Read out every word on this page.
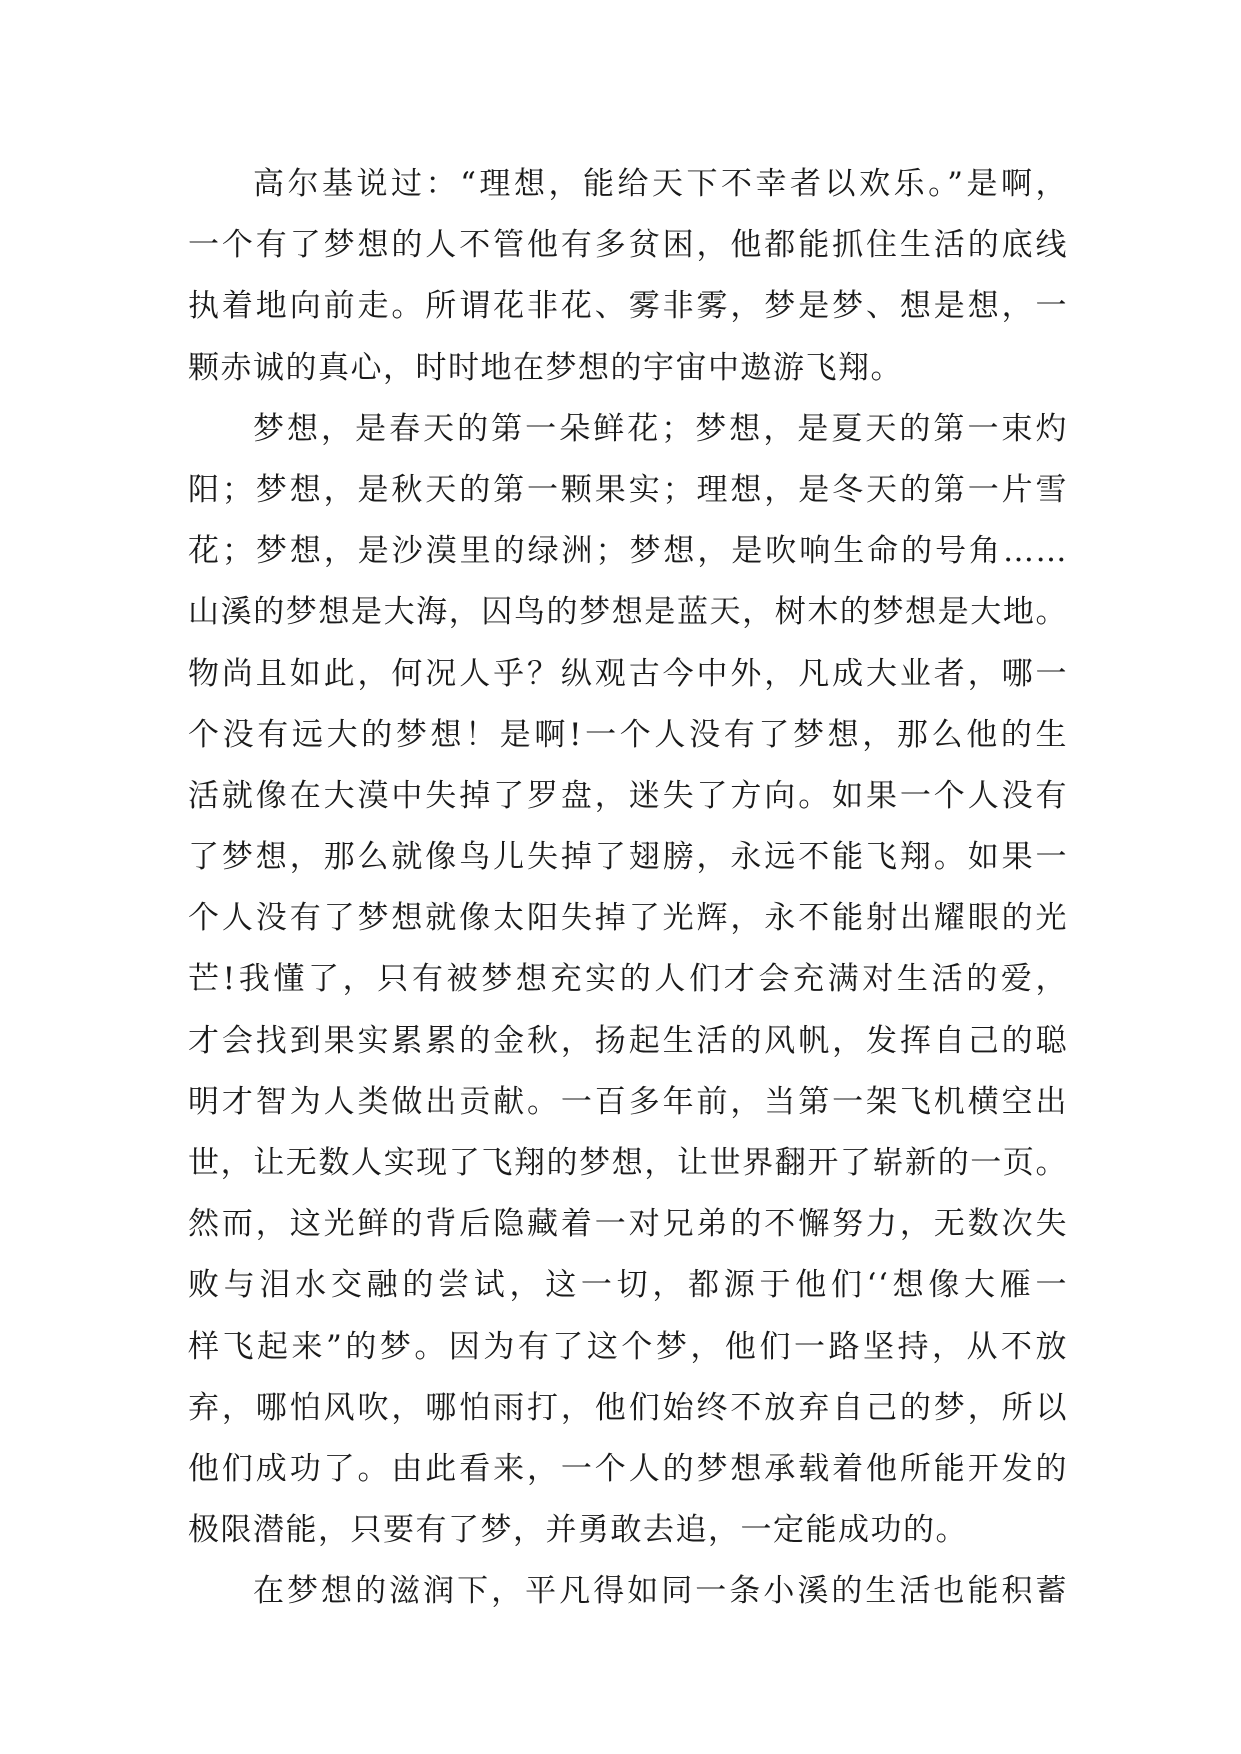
高尔基说过：“理想，能给天下不幸者以欢乐。”是啊，
一个有了梦想的人不管他有多贫困，他都能抓住生活的底线
执着地向前走。所谓花非花、雾非雾，梦是梦、想是想，一
颗赤诚的真心，时时地在梦想的宇宙中遨游飞翔。
梦想，是春天的第一朵鲜花；梦想，是夏天的第一束灼
阳；梦想，是秋天的第一颗果实；理想，是冬天的第一片雪
花；梦想，是沙漠里的绿洲；梦想，是吹响生命的号角……
山溪的梦想是大海，囚鸟的梦想是蓝天，树木的梦想是大地。
物尚且如此，何况人乎？纵观古今中外，凡成大业者，哪一
个没有远大的梦想！是啊!一个人没有了梦想，那么他的生
活就像在大漠中失掉了罗盘，迷失了方向。如果一个人没有
了梦想，那么就像鸟儿失掉了翅膀，永远不能飞翔。如果一
个人没有了梦想就像太阳失掉了光辉，永不能射出耀眼的光
芒!我懂了，只有被梦想充实的人们才会充满对生活的爱，
才会找到果实累累的金秋，扬起生活的风帆，发挥自己的聪
明才智为人类做出贡献。一百多年前，当第一架飞机横空出
世，让无数人实现了飞翔的梦想，让世界翻开了崭新的一页。
然而，这光鲜的背后隐藏着一对兄弟的不懈努力，无数次失
败与泪水交融的尝试，这一切，都源于他们‘‘想像大雁一
样飞起来”的梦。因为有了这个梦，他们一路坚持，从不放
弃，哪怕风吹，哪怕雨打，他们始终不放弃自己的梦，所以
他们成功了。由此看来，一个人的梦想承载着他所能开发的
极限潜能，只要有了梦，并勇敢去追，一定能成功的。
在梦想的滋润下，平凡得如同一条小溪的生活也能积蓄
